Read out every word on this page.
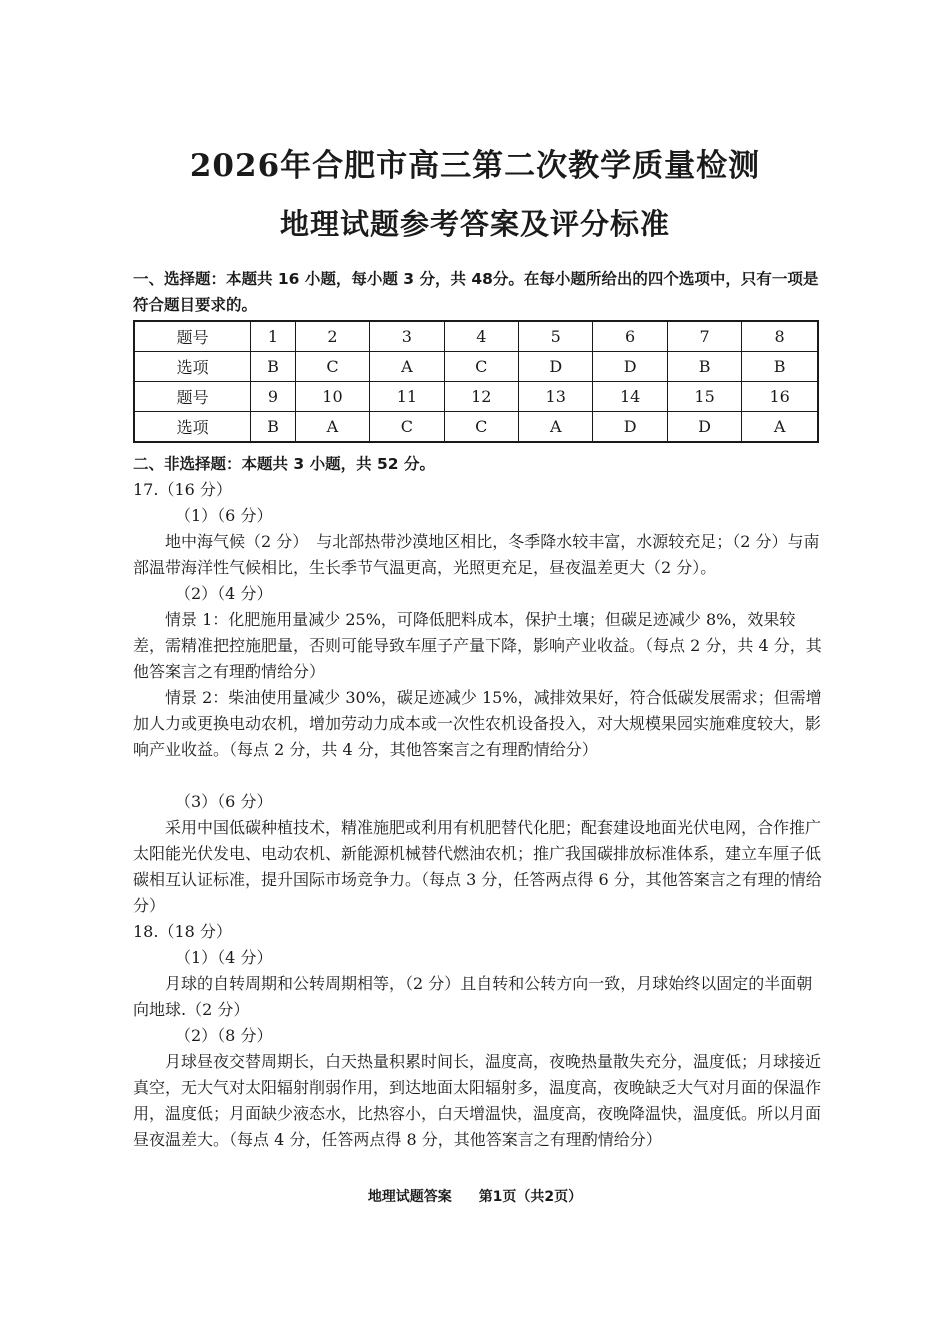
2026年合肥市高三第二次教学质量检测
地理试题参考答案及评分标准
一、选择题：本题共 16 小题，每小题 3 分，共 48分。在每小题所给出的四个选项中，只有一项是符合题目要求的。
题号	1	2	3	4	5	6	7	8
选项	B	C	A	C	D	D	B	B
题号	9	10	11	12	13	14	15	16
选项	B	A	C	C	A	D	D	A
二、非选择题：本题共 3 小题，共 52 分。
17.（16 分）
（1）（6 分）
地中海气候（2 分）　与北部热带沙漠地区相比，冬季降水较丰富，水源较充足；（2 分）与南部温带海洋性气候相比，生长季节气温更高，光照更充足，昼夜温差更大（2 分）。
（2）（4 分）
情景 1：化肥施用量减少 25%，可降低肥料成本，保护土壤；但碳足迹减少 8%，效果较差，需精准把控施肥量，否则可能导致车厘子产量下降，影响产业收益。（每点 2 分，共 4 分，其他答案言之有理酌情给分）
情景 2：柴油使用量减少 30%，碳足迹减少 15%，减排效果好，符合低碳发展需求；但需增加人力或更换电动农机，增加劳动力成本或一次性农机设备投入，对大规模果园实施难度较大，影响产业收益。（每点 2 分，共 4 分，其他答案言之有理酌情给分）
（3）（6 分）
采用中国低碳种植技术，精准施肥或利用有机肥替代化肥；配套建设地面光伏电网，合作推广太阳能光伏发电、电动农机、新能源机械替代燃油农机；推广我国碳排放标准体系，建立车厘子低碳相互认证标准，提升国际市场竞争力。（每点 3 分，任答两点得 6 分，其他答案言之有理的情给分）
18.（18 分）
（1）（4 分）
月球的自转周期和公转周期相等，（2 分）且自转和公转方向一致，月球始终以固定的半面朝向地球.（2 分）
（2）（8 分）
月球昼夜交替周期长，白天热量积累时间长，温度高，夜晚热量散失充分，温度低；月球接近真空，无大气对太阳辐射削弱作用，到达地面太阳辐射多，温度高，夜晚缺乏大气对月面的保温作用，温度低；月面缺少液态水，比热容小，白天增温快，温度高，夜晚降温快，温度低。所以月面昼夜温差大。（每点 4 分，任答两点得 8 分，其他答案言之有理酌情给分）
地理试题答案 第1页（共2页）
